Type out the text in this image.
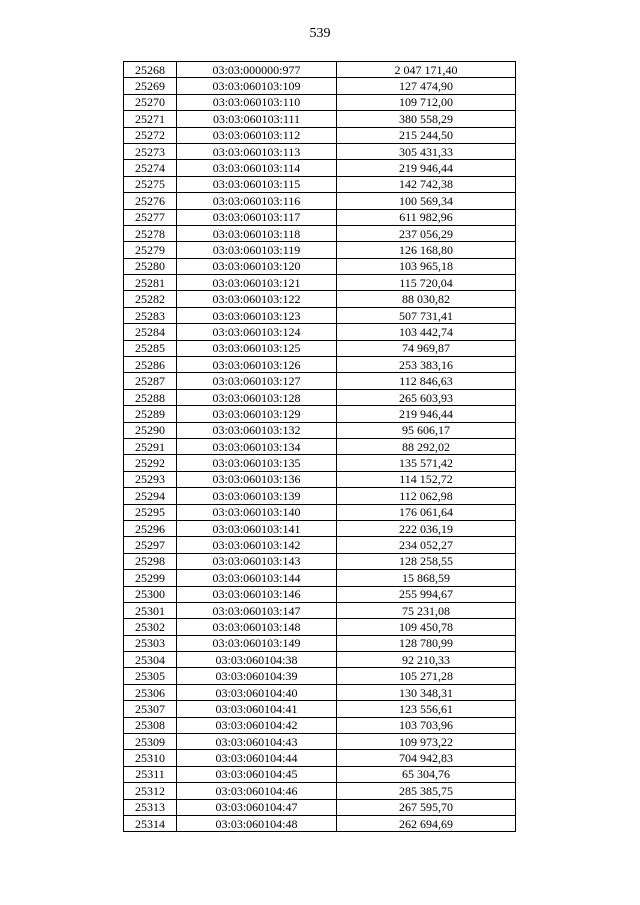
539
25268	03:03:000000:977	2 047 171,40
25269	03:03:060103:109	127 474,90
25270	03:03:060103:110	109 712,00
25271	03:03:060103:111	380 558,29
25272	03:03:060103:112	215 244,50
25273	03:03:060103:113	305 431,33
25274	03:03:060103:114	219 946,44
25275	03:03:060103:115	142 742,38
25276	03:03:060103:116	100 569,34
25277	03:03:060103:117	611 982,96
25278	03:03:060103:118	237 056,29
25279	03:03:060103:119	126 168,80
25280	03:03:060103:120	103 965,18
25281	03:03:060103:121	115 720,04
25282	03:03:060103:122	88 030,82
25283	03:03:060103:123	507 731,41
25284	03:03:060103:124	103 442,74
25285	03:03:060103:125	74 969,87
25286	03:03:060103:126	253 383,16
25287	03:03:060103:127	112 846,63
25288	03:03:060103:128	265 603,93
25289	03:03:060103:129	219 946,44
25290	03:03:060103:132	95 606,17
25291	03:03:060103:134	88 292,02
25292	03:03:060103:135	135 571,42
25293	03:03:060103:136	114 152,72
25294	03:03:060103:139	112 062,98
25295	03:03:060103:140	176 061,64
25296	03:03:060103:141	222 036,19
25297	03:03:060103:142	234 052,27
25298	03:03:060103:143	128 258,55
25299	03:03:060103:144	15 868,59
25300	03:03:060103:146	255 994,67
25301	03:03:060103:147	75 231,08
25302	03:03:060103:148	109 450,78
25303	03:03:060103:149	128 780,99
25304	03:03:060104:38	92 210,33
25305	03:03:060104:39	105 271,28
25306	03:03:060104:40	130 348,31
25307	03:03:060104:41	123 556,61
25308	03:03:060104:42	103 703,96
25309	03:03:060104:43	109 973,22
25310	03:03:060104:44	704 942,83
25311	03:03:060104:45	65 304,76
25312	03:03:060104:46	285 385,75
25313	03:03:060104:47	267 595,70
25314	03:03:060104:48	262 694,69
